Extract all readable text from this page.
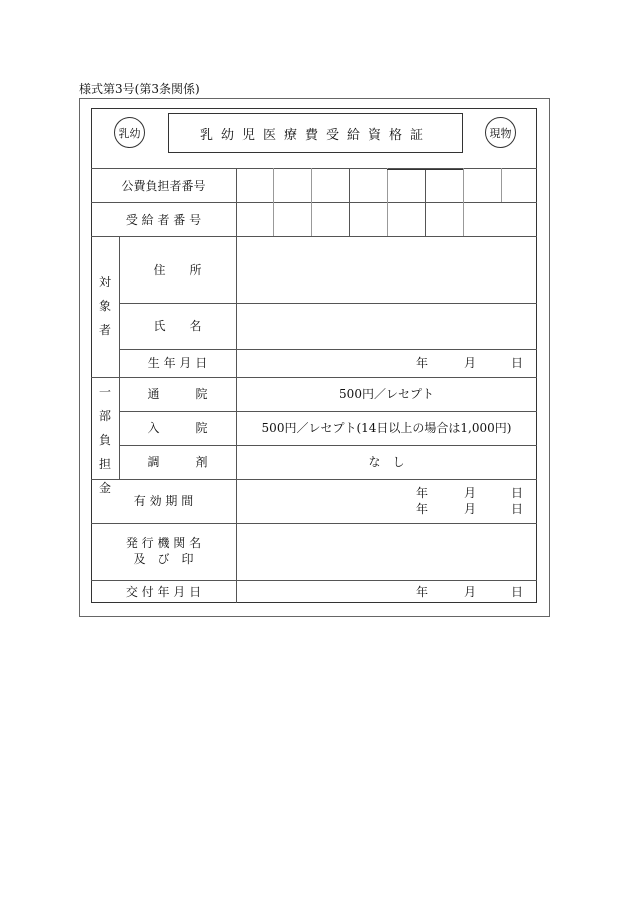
様式第3号(第3条関係)
乳幼	乳幼児医療費受給資格証	現物
公費負担者番号
受 給 者 番 号
対
象
者
住　　所
氏　　名
生 年 月 日	年	月	日
一
部
負
担
金
通　　　院	500円／レセプト
入　　　院	500円／レセプト(14日以上の場合は1,000円)
調　　　剤	な　し
有 効 期 間
年	月	日
年	月	日
発 行 機 関 名
及　び　印
交 付 年 月 日	年	月	日
